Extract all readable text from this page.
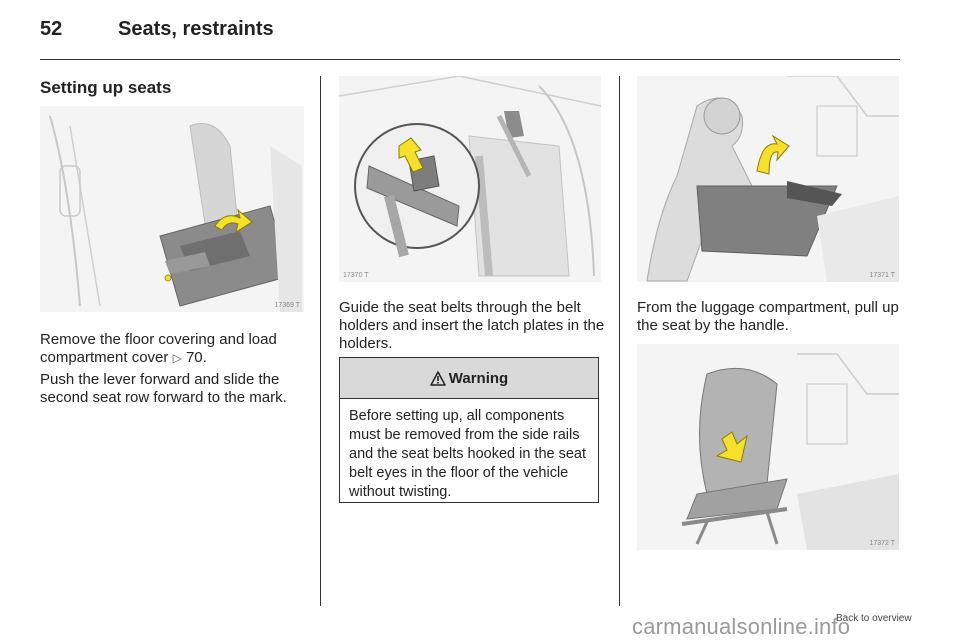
52	Seats, restraints
Setting up seats
17369 T
Remove the floor covering and load compartment cover ▷ 70.
Push the lever forward and slide the second seat row forward to the mark.
17370 T
Guide the seat belts through the belt holders and insert the latch plates in the holders.
Warning
Before setting up, all components must be removed from the side rails and the seat belts hooked in the seat belt eyes in the floor of the vehicle without twisting.
17371 T
From the luggage compartment, pull up the seat by the handle.
17372 T
carmanualsonline.info
Back to overview
